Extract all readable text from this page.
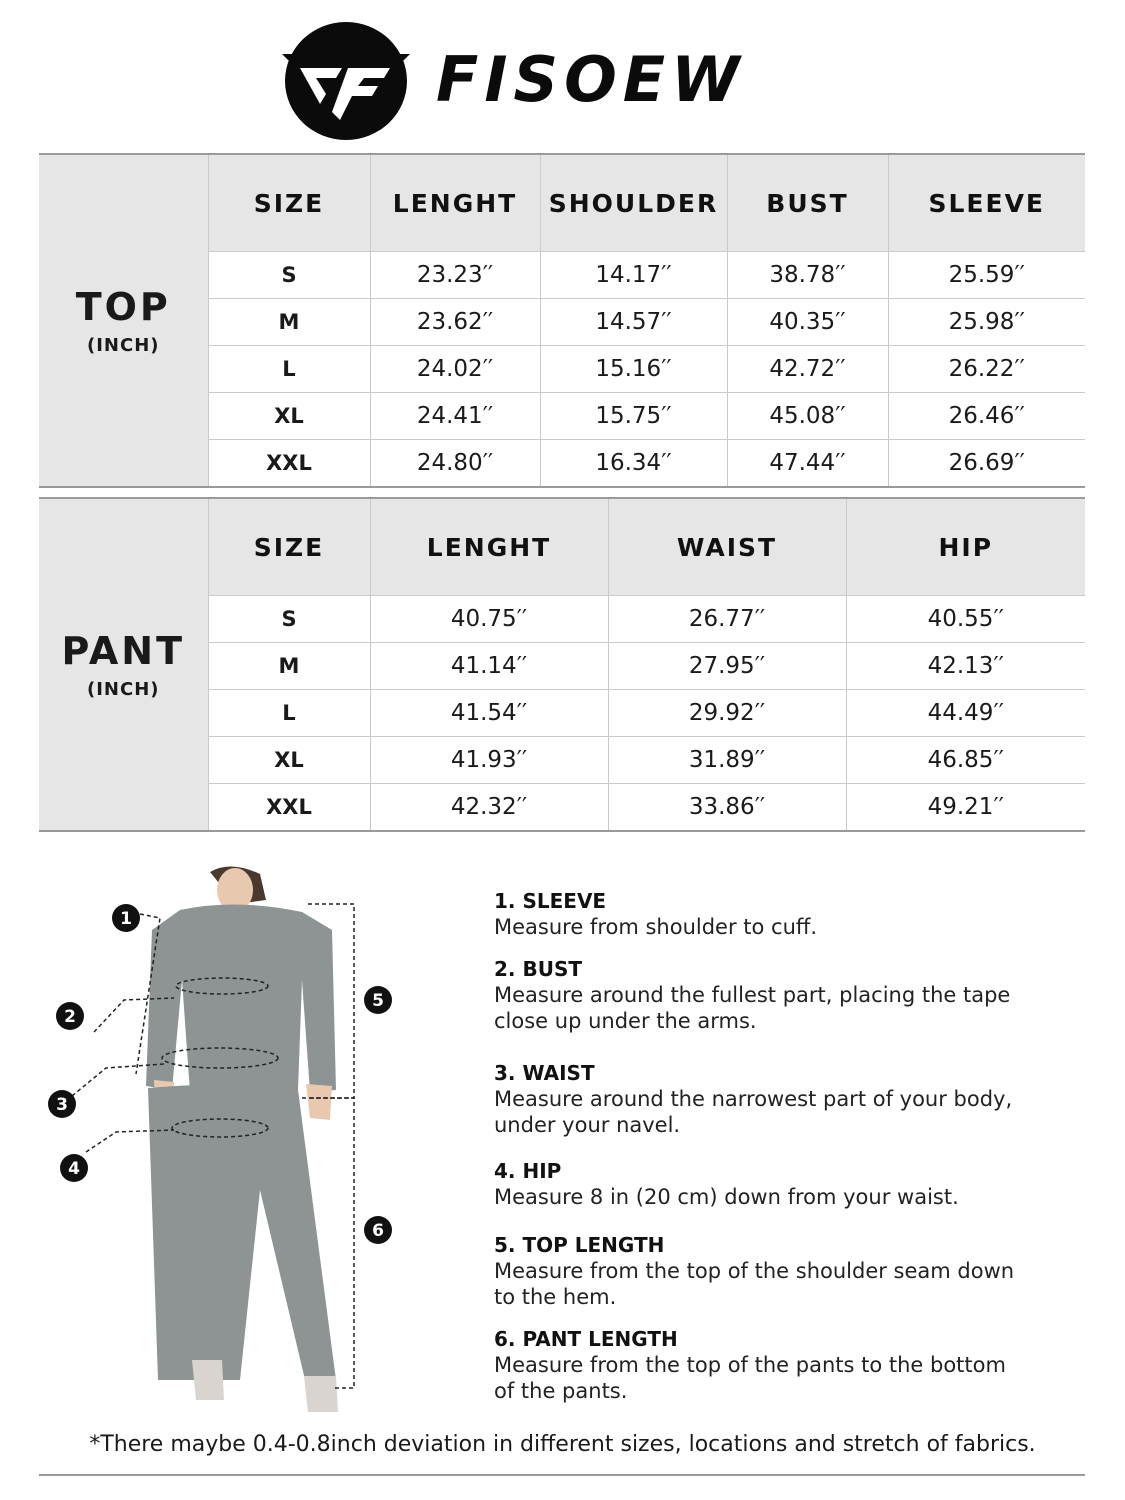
FISOEW
TOP
(INCH)	SIZE	LENGHT	SHOULDER	BUST	SLEEVE
	S	23.23′′	14.17′′	38.78′′	25.59′′
	M	23.62′′	14.57′′	40.35′′	25.98′′
	L	24.02′′	15.16′′	42.72′′	26.22′′
	XL	24.41′′	15.75′′	45.08′′	26.46′′
	XXL	24.80′′	16.34′′	47.44′′	26.69′′
PANT
(INCH)	SIZE	LENGHT	WAIST	HIP
	S	40.75′′	26.77′′	40.55′′
	M	41.14′′	27.95′′	42.13′′
	L	41.54′′	29.92′′	44.49′′
	XL	41.93′′	31.89′′	46.85′′
	XXL	42.32′′	33.86′′	49.21′′
1
2
3
4
5
6
1. SLEEVE
Measure from shoulder to cuff.
2. BUST
Measure around the fullest part, placing the tape
close up under the arms.
3. WAIST
Measure around the narrowest part of your body,
under your navel.
4. HIP
Measure 8 in (20 cm) down from your waist.
5. TOP LENGTH
Measure from the top of the shoulder seam down
to the hem.
6. PANT LENGTH
Measure from the top of the pants to the bottom
of the pants.
*There maybe 0.4-0.8inch deviation in different sizes, locations and stretch of fabrics.
